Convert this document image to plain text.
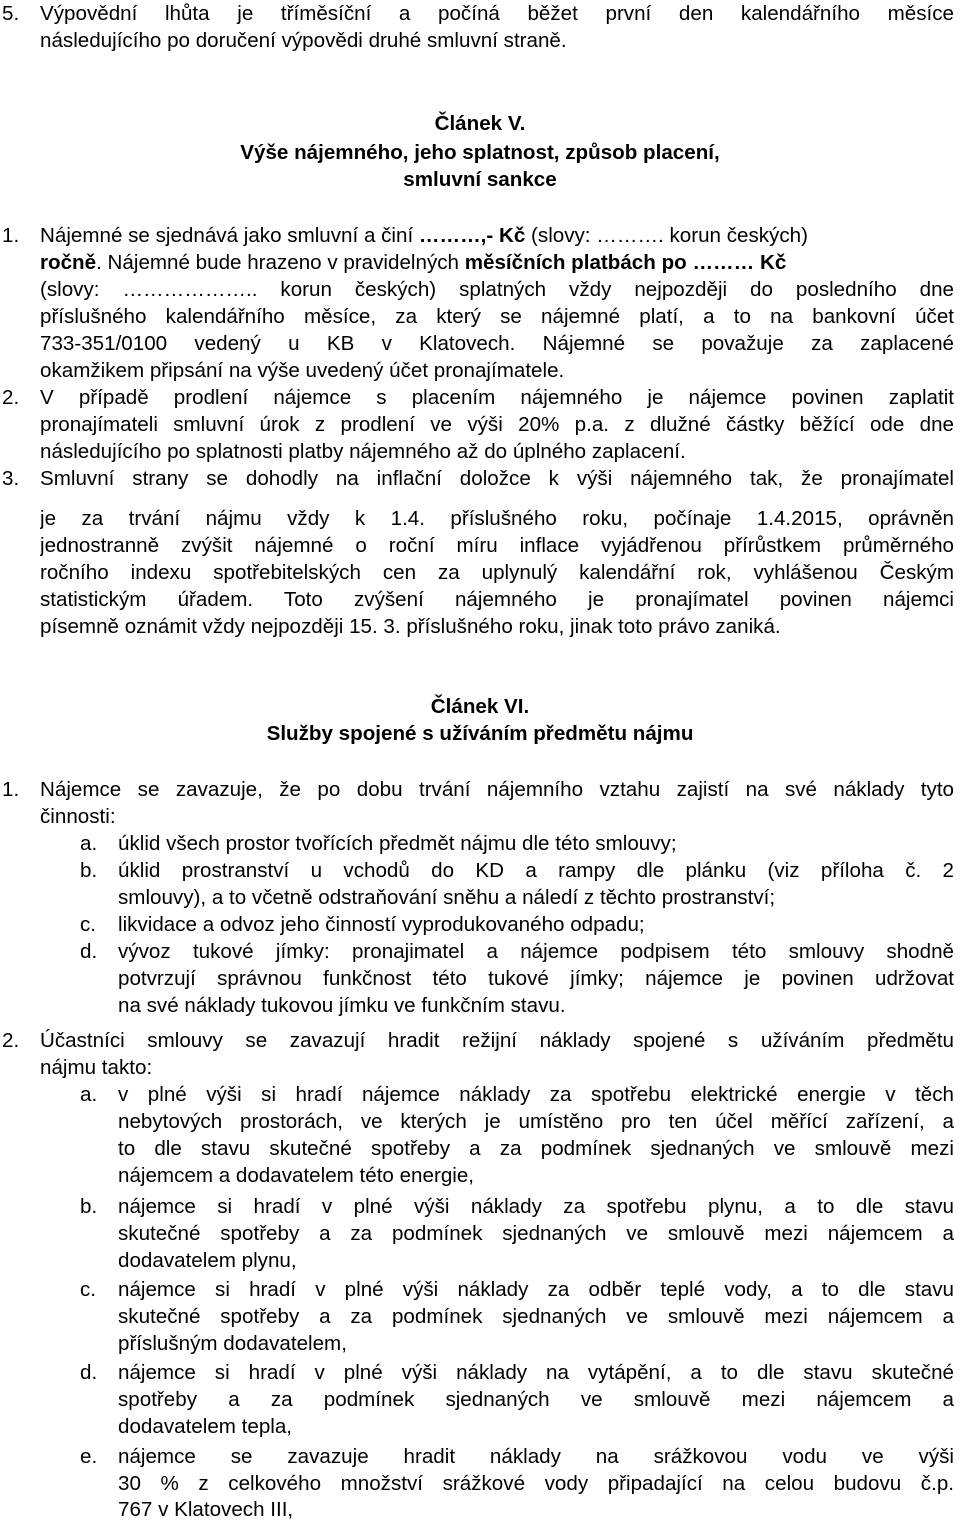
5. Výpovědní lhůta je tříměsíční a počíná běžet první den kalendářního měsíce
následujícího po doručení výpovědi druhé smluvní straně.
Článek V.
Výše nájemného, jeho splatnost, způsob placení,
smluvní sankce
1. Nájemné se sjednává jako smluvní a činí ………,- Kč (slovy: ………. korun českých)
ročně. Nájemné bude hrazeno v pravidelných měsíčních platbách po ……… Kč
(slovy: ……………….. korun českých) splatných vždy nejpozději do posledního dne
příslušného kalendářního měsíce, za který se nájemné platí, a to na bankovní účet
733-351/0100 vedený u KB v Klatovech. Nájemné se považuje za zaplacené
okamžikem připsání na výše uvedený účet pronajímatele.
2. V případě prodlení nájemce s placením nájemného je nájemce povinen zaplatit
pronajímateli smluvní úrok z prodlení ve výši 20% p.a. z dlužné částky běžící ode dne
následujícího po splatnosti platby nájemného až do úplného zaplacení.
3. Smluvní strany se dohodly na inflační doložce k výši nájemného tak, že pronajímatel
je za trvání nájmu vždy k 1.4. příslušného roku, počínaje 1.4.2015, oprávněn
jednostranně zvýšit nájemné o roční míru inflace vyjádřenou přírůstkem průměrného
ročního indexu spotřebitelských cen za uplynulý kalendářní rok, vyhlášenou Českým
statistickým úřadem. Toto zvýšení nájemného je pronajímatel povinen nájemci
písemně oznámit vždy nejpozději 15. 3. příslušného roku, jinak toto právo zaniká.
Článek VI.
Služby spojené s užíváním předmětu nájmu
1. Nájemce se zavazuje, že po dobu trvání nájemního vztahu zajistí na své náklady tyto
činnosti:
a. úklid všech prostor tvořících předmět nájmu dle této smlouvy;
b. úklid prostranství u vchodů do KD a rampy dle plánku (viz příloha č. 2
smlouvy), a to včetně odstraňování sněhu a náledí z těchto prostranství;
c. likvidace a odvoz jeho činností vyprodukovaného odpadu;
d. vývoz tukové jímky: pronajimatel a nájemce podpisem této smlouvy shodně
potvrzují správnou funkčnost této tukové jímky; nájemce je povinen udržovat
na své náklady tukovou jímku ve funkčním stavu.
2. Účastníci smlouvy se zavazují hradit režijní náklady spojené s užíváním předmětu
nájmu takto:
a. v plné výši si hradí nájemce náklady za spotřebu elektrické energie v těch
nebytových prostorách, ve kterých je umístěno pro ten účel měřící zařízení, a
to dle stavu skutečné spotřeby a za podmínek sjednaných ve smlouvě mezi
nájemcem a dodavatelem této energie,
b. nájemce si hradí v plné výši náklady za spotřebu plynu, a to dle stavu
skutečné spotřeby a za podmínek sjednaných ve smlouvě mezi nájemcem a
dodavatelem plynu,
c. nájemce si hradí v plné výši náklady za odběr teplé vody, a to dle stavu
skutečné spotřeby a za podmínek sjednaných ve smlouvě mezi nájemcem a
příslušným dodavatelem,
d. nájemce si hradí v plné výši náklady na vytápění, a to dle stavu skutečné
spotřeby a za podmínek sjednaných ve smlouvě mezi nájemcem a
dodavatelem tepla,
e. nájemce se zavazuje hradit náklady na srážkovou vodu ve výši
30 % z celkového množství srážkové vody připadající na celou budovu č.p.
767 v Klatovech III,
